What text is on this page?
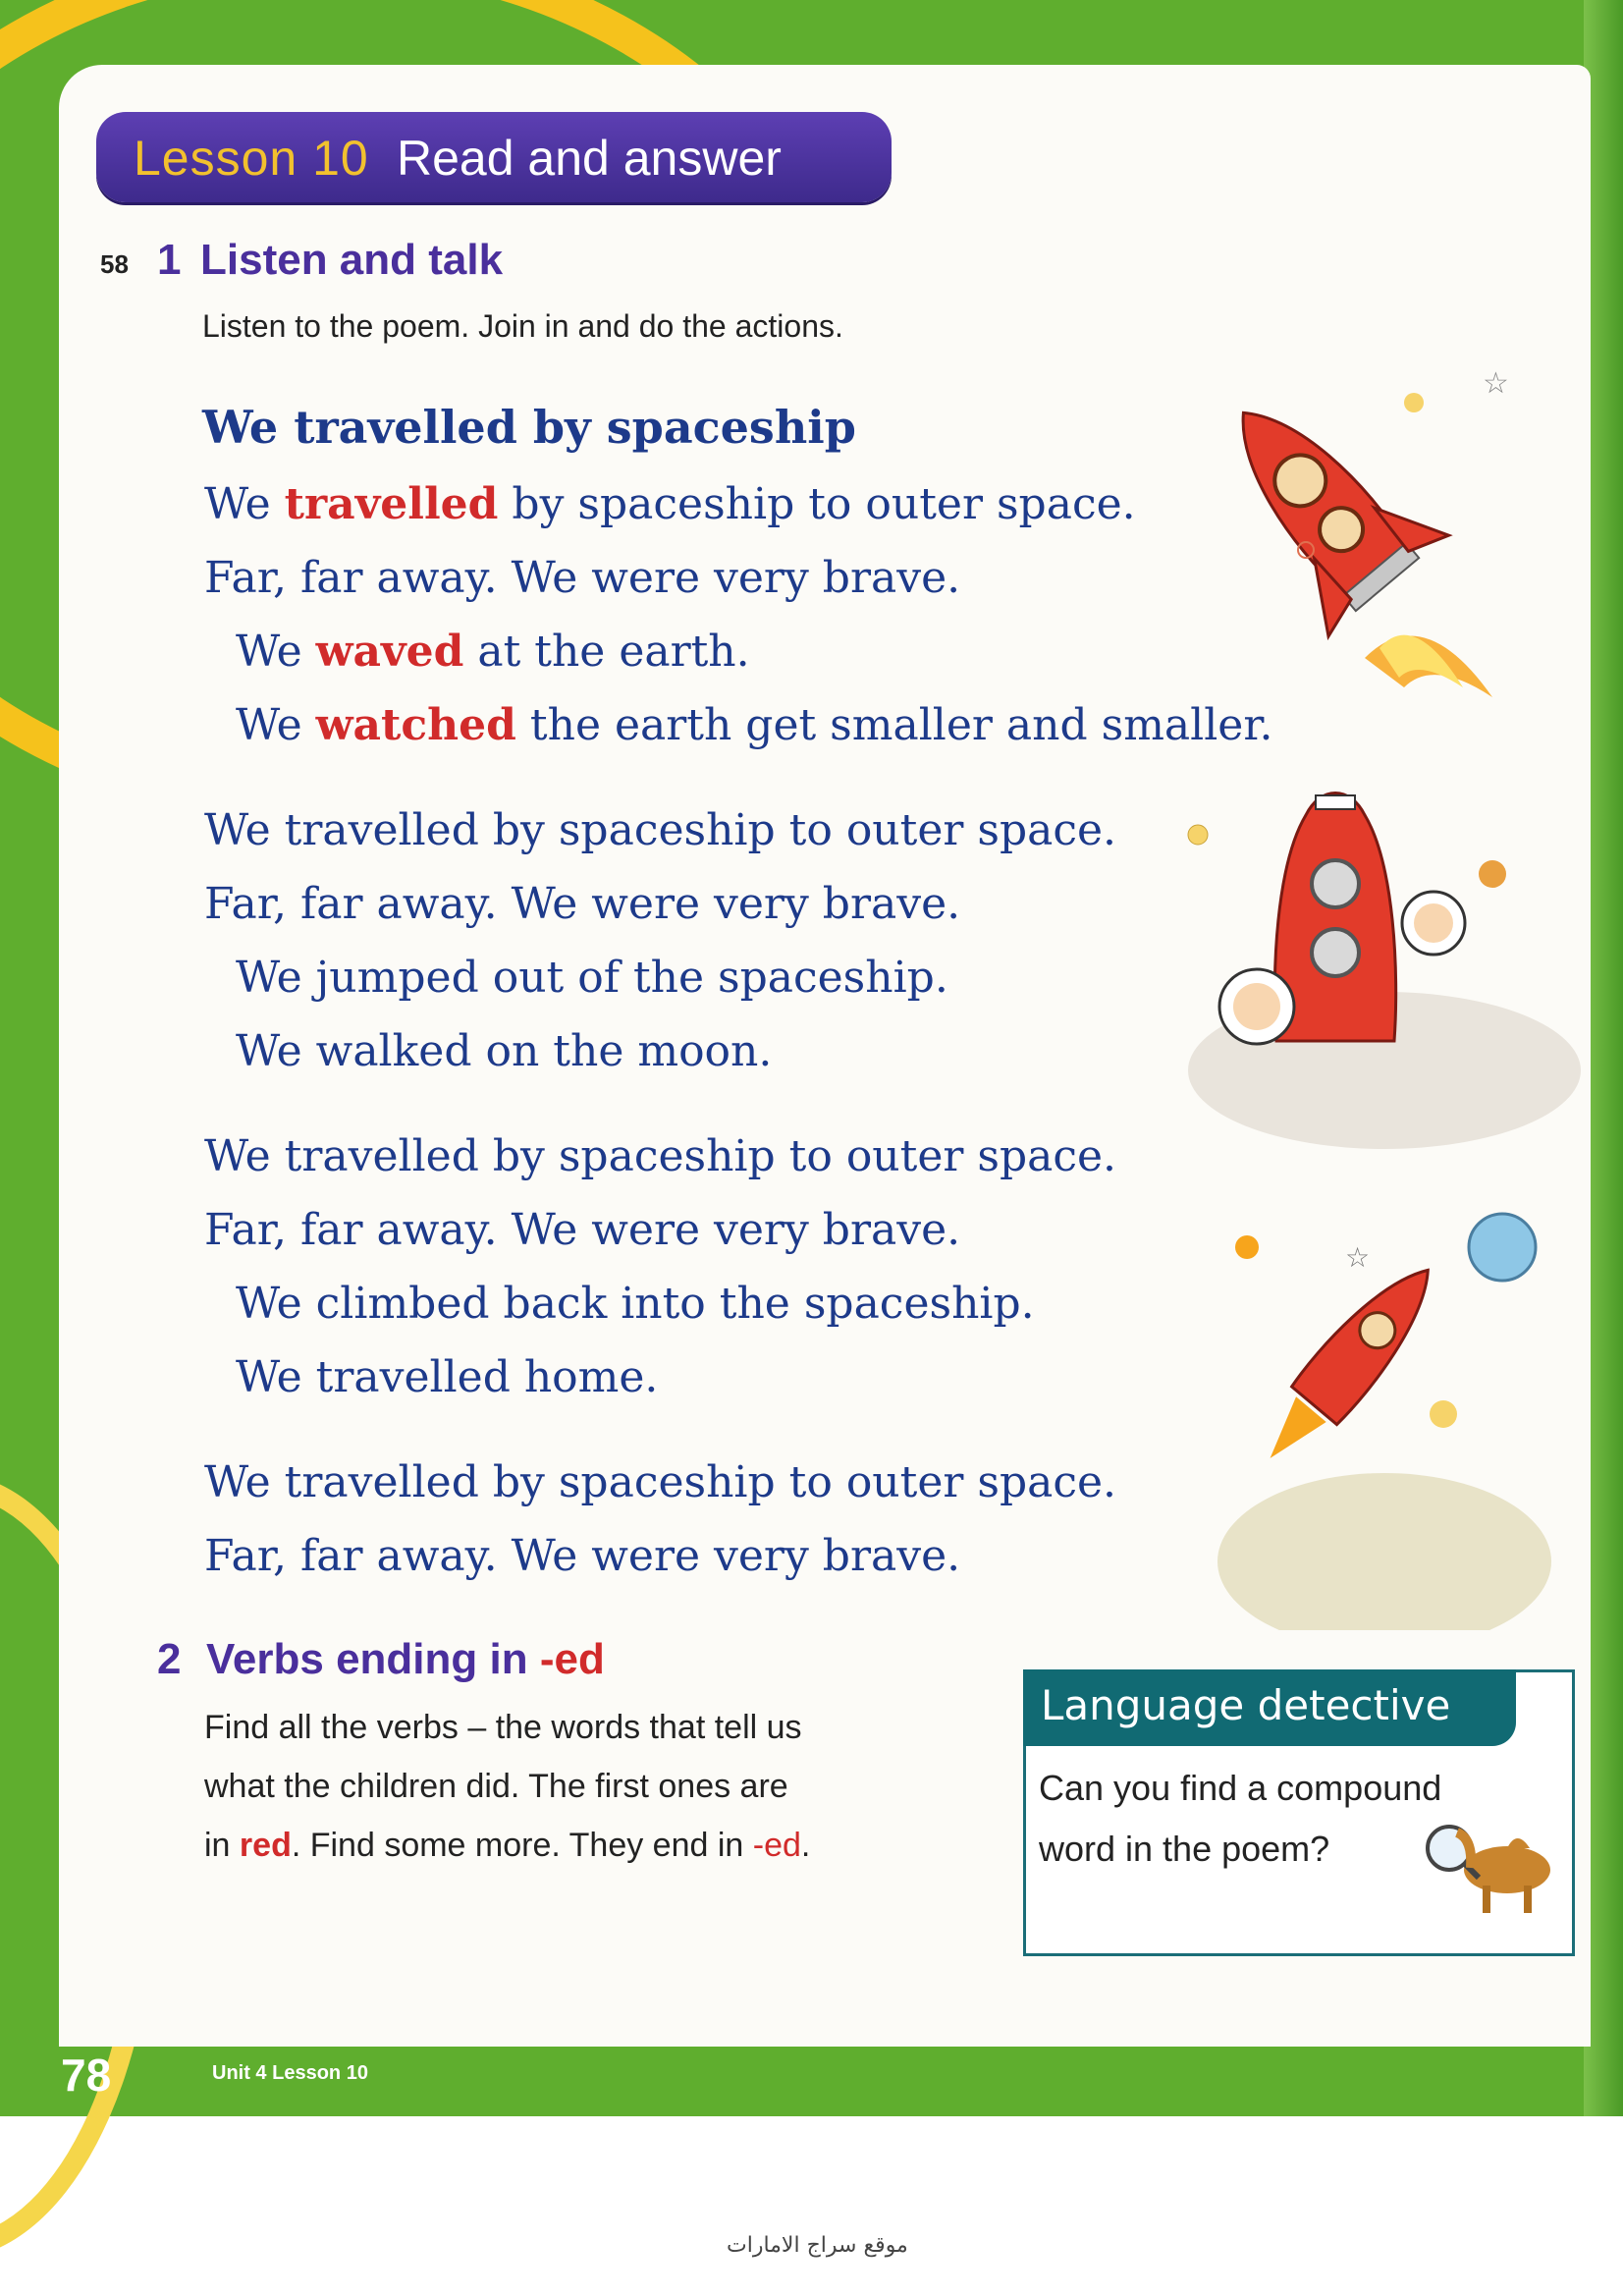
Lesson 10 Read and answer
58 1 Listen and talk
Listen to the poem. Join in and do the actions.
We travelled by spaceship
We travelled by spaceship to outer space.
Far, far away. We were very brave.
We waved at the earth.
We watched the earth get smaller and smaller.
We travelled by spaceship to outer space.
Far, far away. We were very brave.
We jumped out of the spaceship.
We walked on the moon.
We travelled by spaceship to outer space.
Far, far away. We were very brave.
We climbed back into the spaceship.
We travelled home.
We travelled by spaceship to outer space.
Far, far away. We were very brave.
☆
☆
2 Verbs ending in -ed
Find all the verbs – the words that tell us
what the children did. The first ones are
in red. Find some more. They end in -ed.
Language detective
Can you find a compound
word in the poem?
78	Unit 4 Lesson 10
موقع سراج الامارات
